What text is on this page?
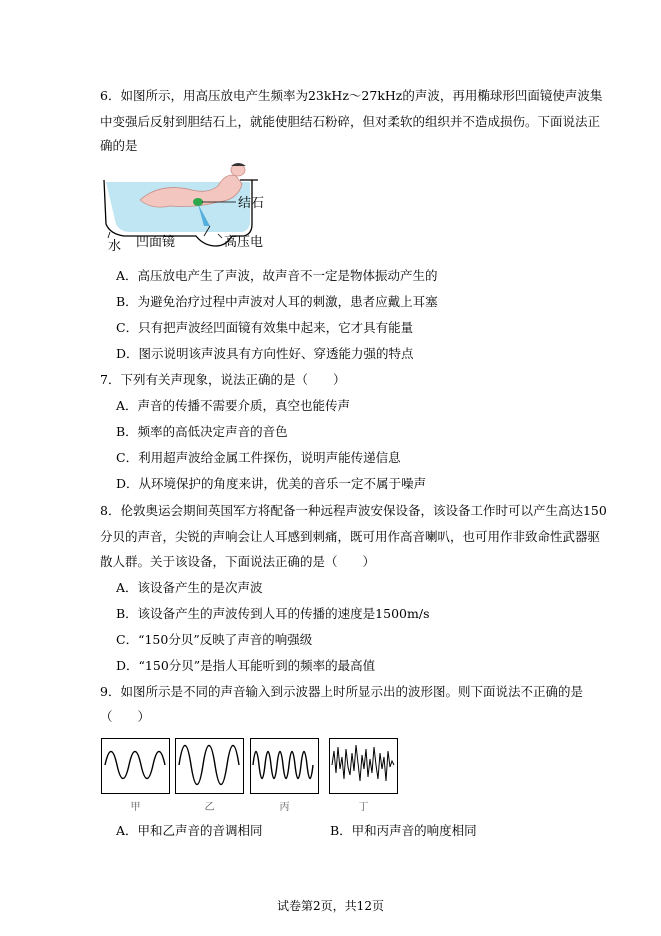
6．如图所示，用高压放电产生频率为23kHz～27kHz的声波，再用椭球形凹面镜使声波集
中变强后反射到胆结石上，就能使胆结石粉碎，但对柔软的组织并不造成损伤。下面说法正
确的是
结石
水 凹面镜	高压电
A．高压放电产生了声波，故声音不一定是物体振动产生的
B．为避免治疗过程中声波对人耳的刺激，患者应戴上耳塞
C．只有把声波经凹面镜有效集中起来，它才具有能量
D．图示说明该声波具有方向性好、穿透能力强的特点
7．下列有关声现象，说法正确的是（　　）
A．声音的传播不需要介质，真空也能传声
B．频率的高低决定声音的音色
C．利用超声波给金属工件探伤，说明声能传递信息
D．从环境保护的角度来讲，优美的音乐一定不属于噪声
8．伦敦奥运会期间英国军方将配备一种远程声波安保设备，该设备工作时可以产生高达150
分贝的声音，尖锐的声响会让人耳感到刺痛，既可用作高音喇叭，也可用作非致命性武器驱
散人群。关于该设备，下面说法正确的是（　　）
A．该设备产生的是次声波
B．该设备产生的声波传到人耳的传播的速度是1500m/s
C．“150分贝”反映了声音的响强级
D．“150分贝”是指人耳能听到的频率的最高值
9．如图所示是不同的声音输入到示波器上时所显示出的波形图。则下面说法不正确的是
（　　）
甲	乙	丙	丁
A．甲和乙声音的音调相同	B．甲和丙声音的响度相同
试卷第2页，共12页
